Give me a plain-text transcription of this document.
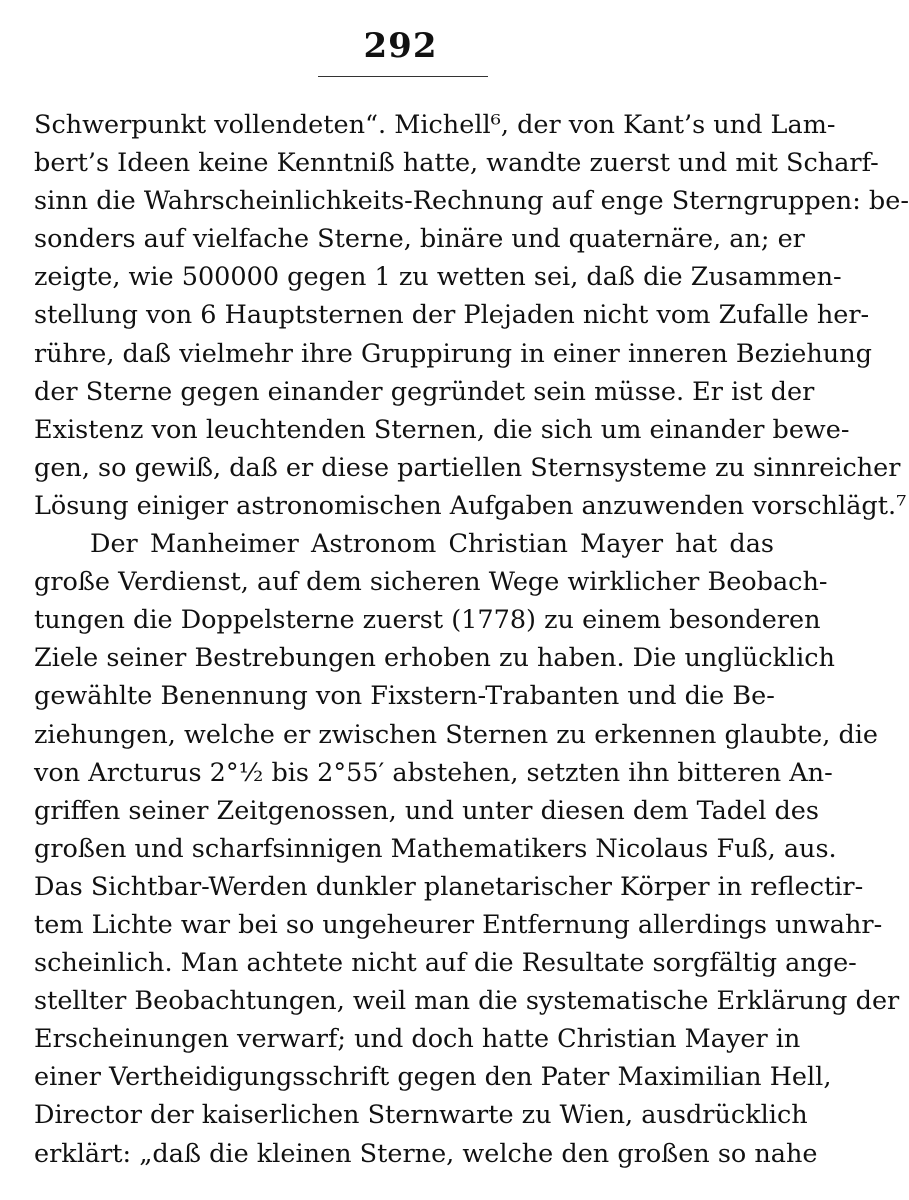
292
Schwerpunkt vollendeten“. Michell⁶, der von Kant’s und Lam-
bert’s Ideen keine Kenntniß hatte, wandte zuerst und mit Scharf-
sinn die Wahrscheinlichkeits-Rechnung auf enge Sterngruppen: be-
sonders auf vielfache Sterne, binäre und quaternäre, an; er
zeigte, wie 500000 gegen 1 zu wetten sei, daß die Zusammen-
stellung von 6 Hauptsternen der Plejaden nicht vom Zufalle her-
rühre, daß vielmehr ihre Gruppirung in einer inneren Beziehung
der Sterne gegen einander gegründet sein müsse. Er ist der
Existenz von leuchtenden Sternen, die sich um einander bewe-
gen, so gewiß, daß er diese partiellen Sternsysteme zu sinnreicher
Lösung einiger astronomischen Aufgaben anzuwenden vorschlägt.⁷
Der Manheimer Astronom Christian Mayer hat das
große Verdienst, auf dem sicheren Wege wirklicher Beobach-
tungen die Doppelsterne zuerst (1778) zu einem besonderen
Ziele seiner Bestrebungen erhoben zu haben. Die unglücklich
gewählte Benennung von Fixstern-Trabanten und die Be-
ziehungen, welche er zwischen Sternen zu erkennen glaubte, die
von Arcturus 2°½ bis 2°55′ abstehen, setzten ihn bitteren An-
griffen seiner Zeitgenossen, und unter diesen dem Tadel des
großen und scharfsinnigen Mathematikers Nicolaus Fuß, aus.
Das Sichtbar-Werden dunkler planetarischer Körper in reflectir-
tem Lichte war bei so ungeheurer Entfernung allerdings unwahr-
scheinlich. Man achtete nicht auf die Resultate sorgfältig ange-
stellter Beobachtungen, weil man die systematische Erklärung der
Erscheinungen verwarf; und doch hatte Christian Mayer in
einer Vertheidigungsschrift gegen den Pater Maximilian Hell,
Director der kaiserlichen Sternwarte zu Wien, ausdrücklich
erklärt: „daß die kleinen Sterne, welche den großen so nahe
